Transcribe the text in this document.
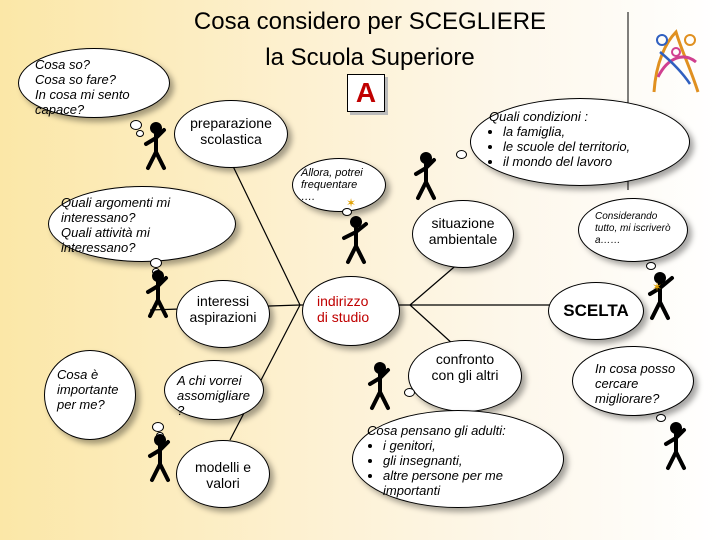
Cosa considero per SCEGLIERE
la Scuola Superiore
A
Cosa so?
Cosa so fare?
In cosa mi sento
capace?
Quali argomenti mi
interessano?
Quali attività mi
interessano?
Cosa è
importante
per me?
A chi vorrei
assomigliare
?
Allora, potrei
frequentare
….
Quali condizioni :
• la famiglia,
• le scuole del territorio,
• il mondo del lavoro
Considerando
tutto, mi iscriverò
a……
In cosa posso
cercare
migliorare?
confronto
con gli altri
Cosa pensano gli adulti:
• i genitori,
• gli insegnanti,
• altre persone per me importanti
preparazione
scolastica
interessi
aspirazioni
modelli e
valori
situazione
ambientale
indirizzo
di studio	SCELTA
✶
✶
